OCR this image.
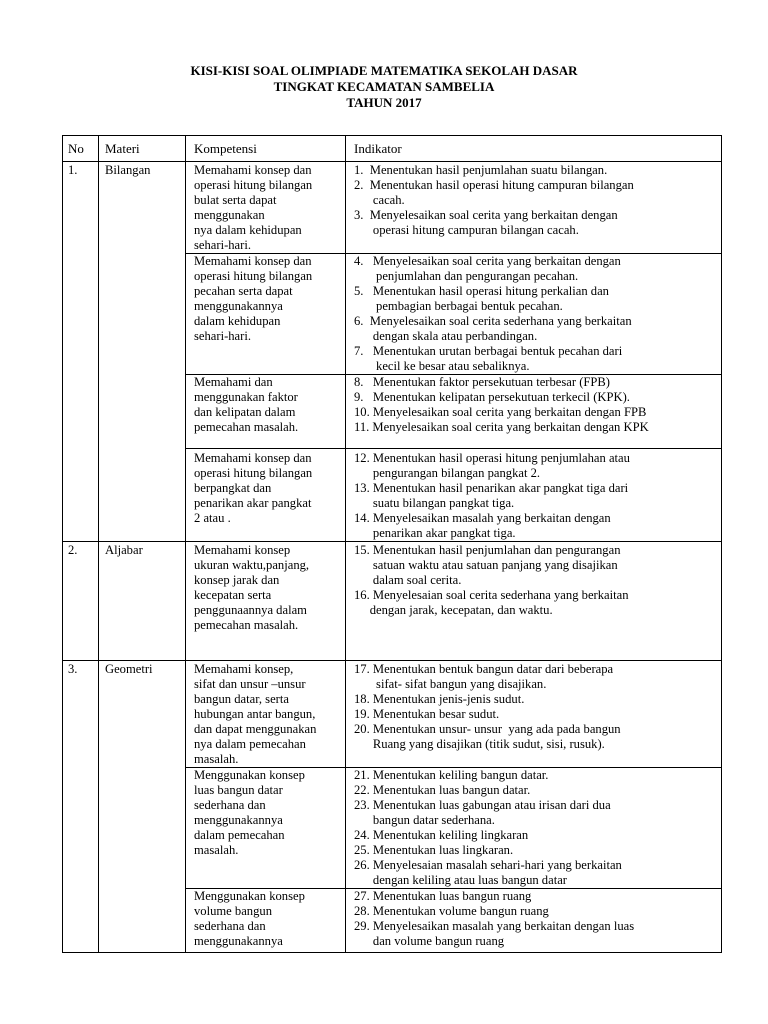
KISI-KISI SOAL OLIMPIADE MATEMATIKA SEKOLAH DASAR
TINGKAT KECAMATAN SAMBELIA
TAHUN 2017
No Materi	Kompetensi	Indikator
1. Bilangan
2. Aljabar
3. Geometri
Memahami konsep dan
operasi hitung bilangan
bulat serta dapat
menggunakan
nya dalam kehidupan
sehari-hari.
Memahami konsep dan
operasi hitung bilangan
pecahan serta dapat
menggunakannya
dalam kehidupan
sehari-hari.
Memahami dan
menggunakan faktor
dan kelipatan dalam
pemecahan masalah.
Memahami konsep dan
operasi hitung bilangan
berpangkat dan
penarikan akar pangkat
2 atau .
Memahami konsep
ukuran waktu,panjang,
konsep jarak dan
kecepatan serta
penggunaannya dalam
pemecahan masalah.
Memahami konsep,
sifat dan unsur –unsur
bangun datar, serta
hubungan antar bangun,
dan dapat menggunakan
nya dalam pemecahan
masalah.
Menggunakan konsep
luas bangun datar
sederhana dan
menggunakannya
dalam pemecahan
masalah.
Menggunakan konsep
volume bangun
sederhana dan
menggunakannya
1.  Menentukan hasil penjumlahan suatu bilangan.
2.  Menentukan hasil operasi hitung campuran bilangan
cacah.
3.  Menyelesaikan soal cerita yang berkaitan dengan
operasi hitung campuran bilangan cacah.
4.   Menyelesaikan soal cerita yang berkaitan dengan
penjumlahan dan pengurangan pecahan.
5.   Menentukan hasil operasi hitung perkalian dan
pembagian berbagai bentuk pecahan.
6.  Menyelesaikan soal cerita sederhana yang berkaitan
dengan skala atau perbandingan.
7.   Menentukan urutan berbagai bentuk pecahan dari
kecil ke besar atau sebaliknya.
8.   Menentukan faktor persekutuan terbesar (FPB)
9.   Menentukan kelipatan persekutuan terkecil (KPK).
10. Menyelesaikan soal cerita yang berkaitan dengan FPB
11. Menyelesaikan soal cerita yang berkaitan dengan KPK
12. Menentukan hasil operasi hitung penjumlahan atau
pengurangan bilangan pangkat 2.
13. Menentukan hasil penarikan akar pangkat tiga dari
suatu bilangan pangkat tiga.
14. Menyelesaikan masalah yang berkaitan dengan
penarikan akar pangkat tiga.
15. Menentukan hasil penjumlahan dan pengurangan
satuan waktu atau satuan panjang yang disajikan
dalam soal cerita.
16. Menyelesaian soal cerita sederhana yang berkaitan
dengan jarak, kecepatan, dan waktu.
17. Menentukan bentuk bangun datar dari beberapa
sifat- sifat bangun yang disajikan.
18. Menentukan jenis-jenis sudut.
19. Menentukan besar sudut.
20. Menentukan unsur- unsur  yang ada pada bangun
Ruang yang disajikan (titik sudut, sisi, rusuk).
21. Menentukan keliling bangun datar.
22. Menentukan luas bangun datar.
23. Menentukan luas gabungan atau irisan dari dua
bangun datar sederhana.
24. Menentukan keliling lingkaran
25. Menentukan luas lingkaran.
26. Menyelesaian masalah sehari-hari yang berkaitan
dengan keliling atau luas bangun datar
27. Menentukan luas bangun ruang
28. Menentukan volume bangun ruang
29. Menyelesaikan masalah yang berkaitan dengan luas
dan volume bangun ruang
